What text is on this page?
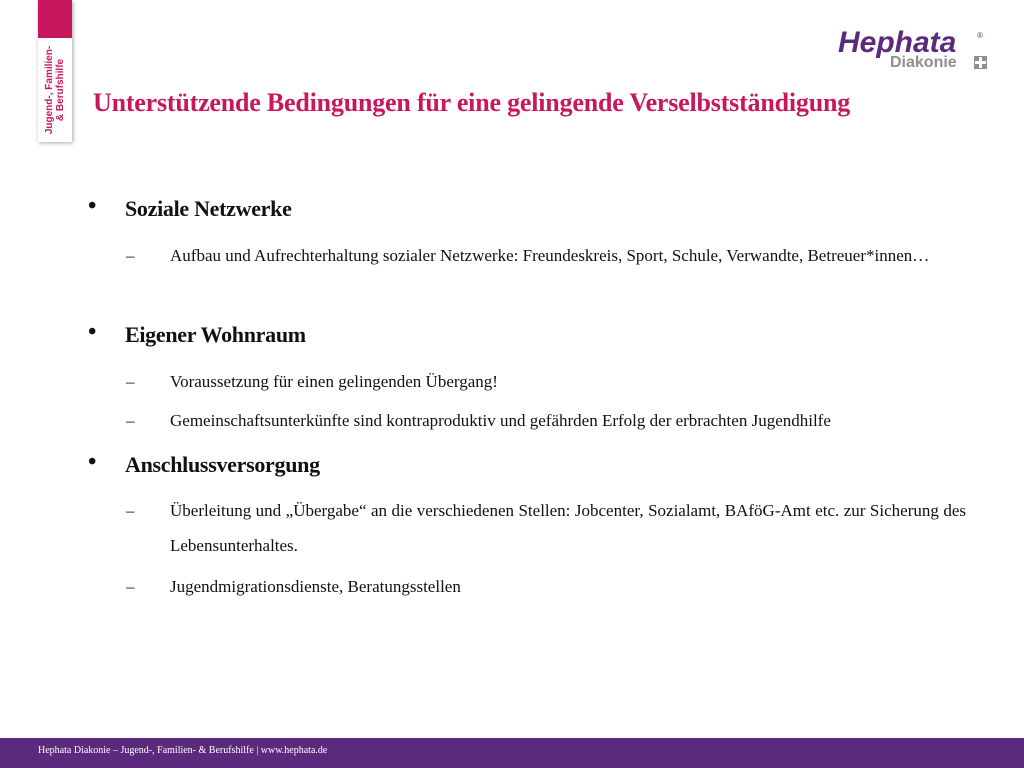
Jugend-, Familien- & Berufshilfe
Hephata	®
Diakonie
Unterstützende Bedingungen für eine gelingende Verselbstständigung
• Soziale Netzwerke
– Aufbau und Aufrechterhaltung sozialer Netzwerke: Freundeskreis, Sport, Schule, Verwandte, Betreuer*innen…
• Eigener Wohnraum
– Voraussetzung für einen gelingenden Übergang!
– Gemeinschaftsunterkünfte sind kontraproduktiv und gefährden Erfolg der erbrachten Jugendhilfe
• Anschlussversorgung
– Überleitung und „Übergabe“ an die verschiedenen Stellen: Jobcenter, Sozialamt, BAföG-Amt etc. zur Sicherung des Lebensunterhaltes.
– Jugendmigrationsdienste, Beratungsstellen
Hephata Diakonie – Jugend-, Familien- & Berufshilfe | www.hephata.de
